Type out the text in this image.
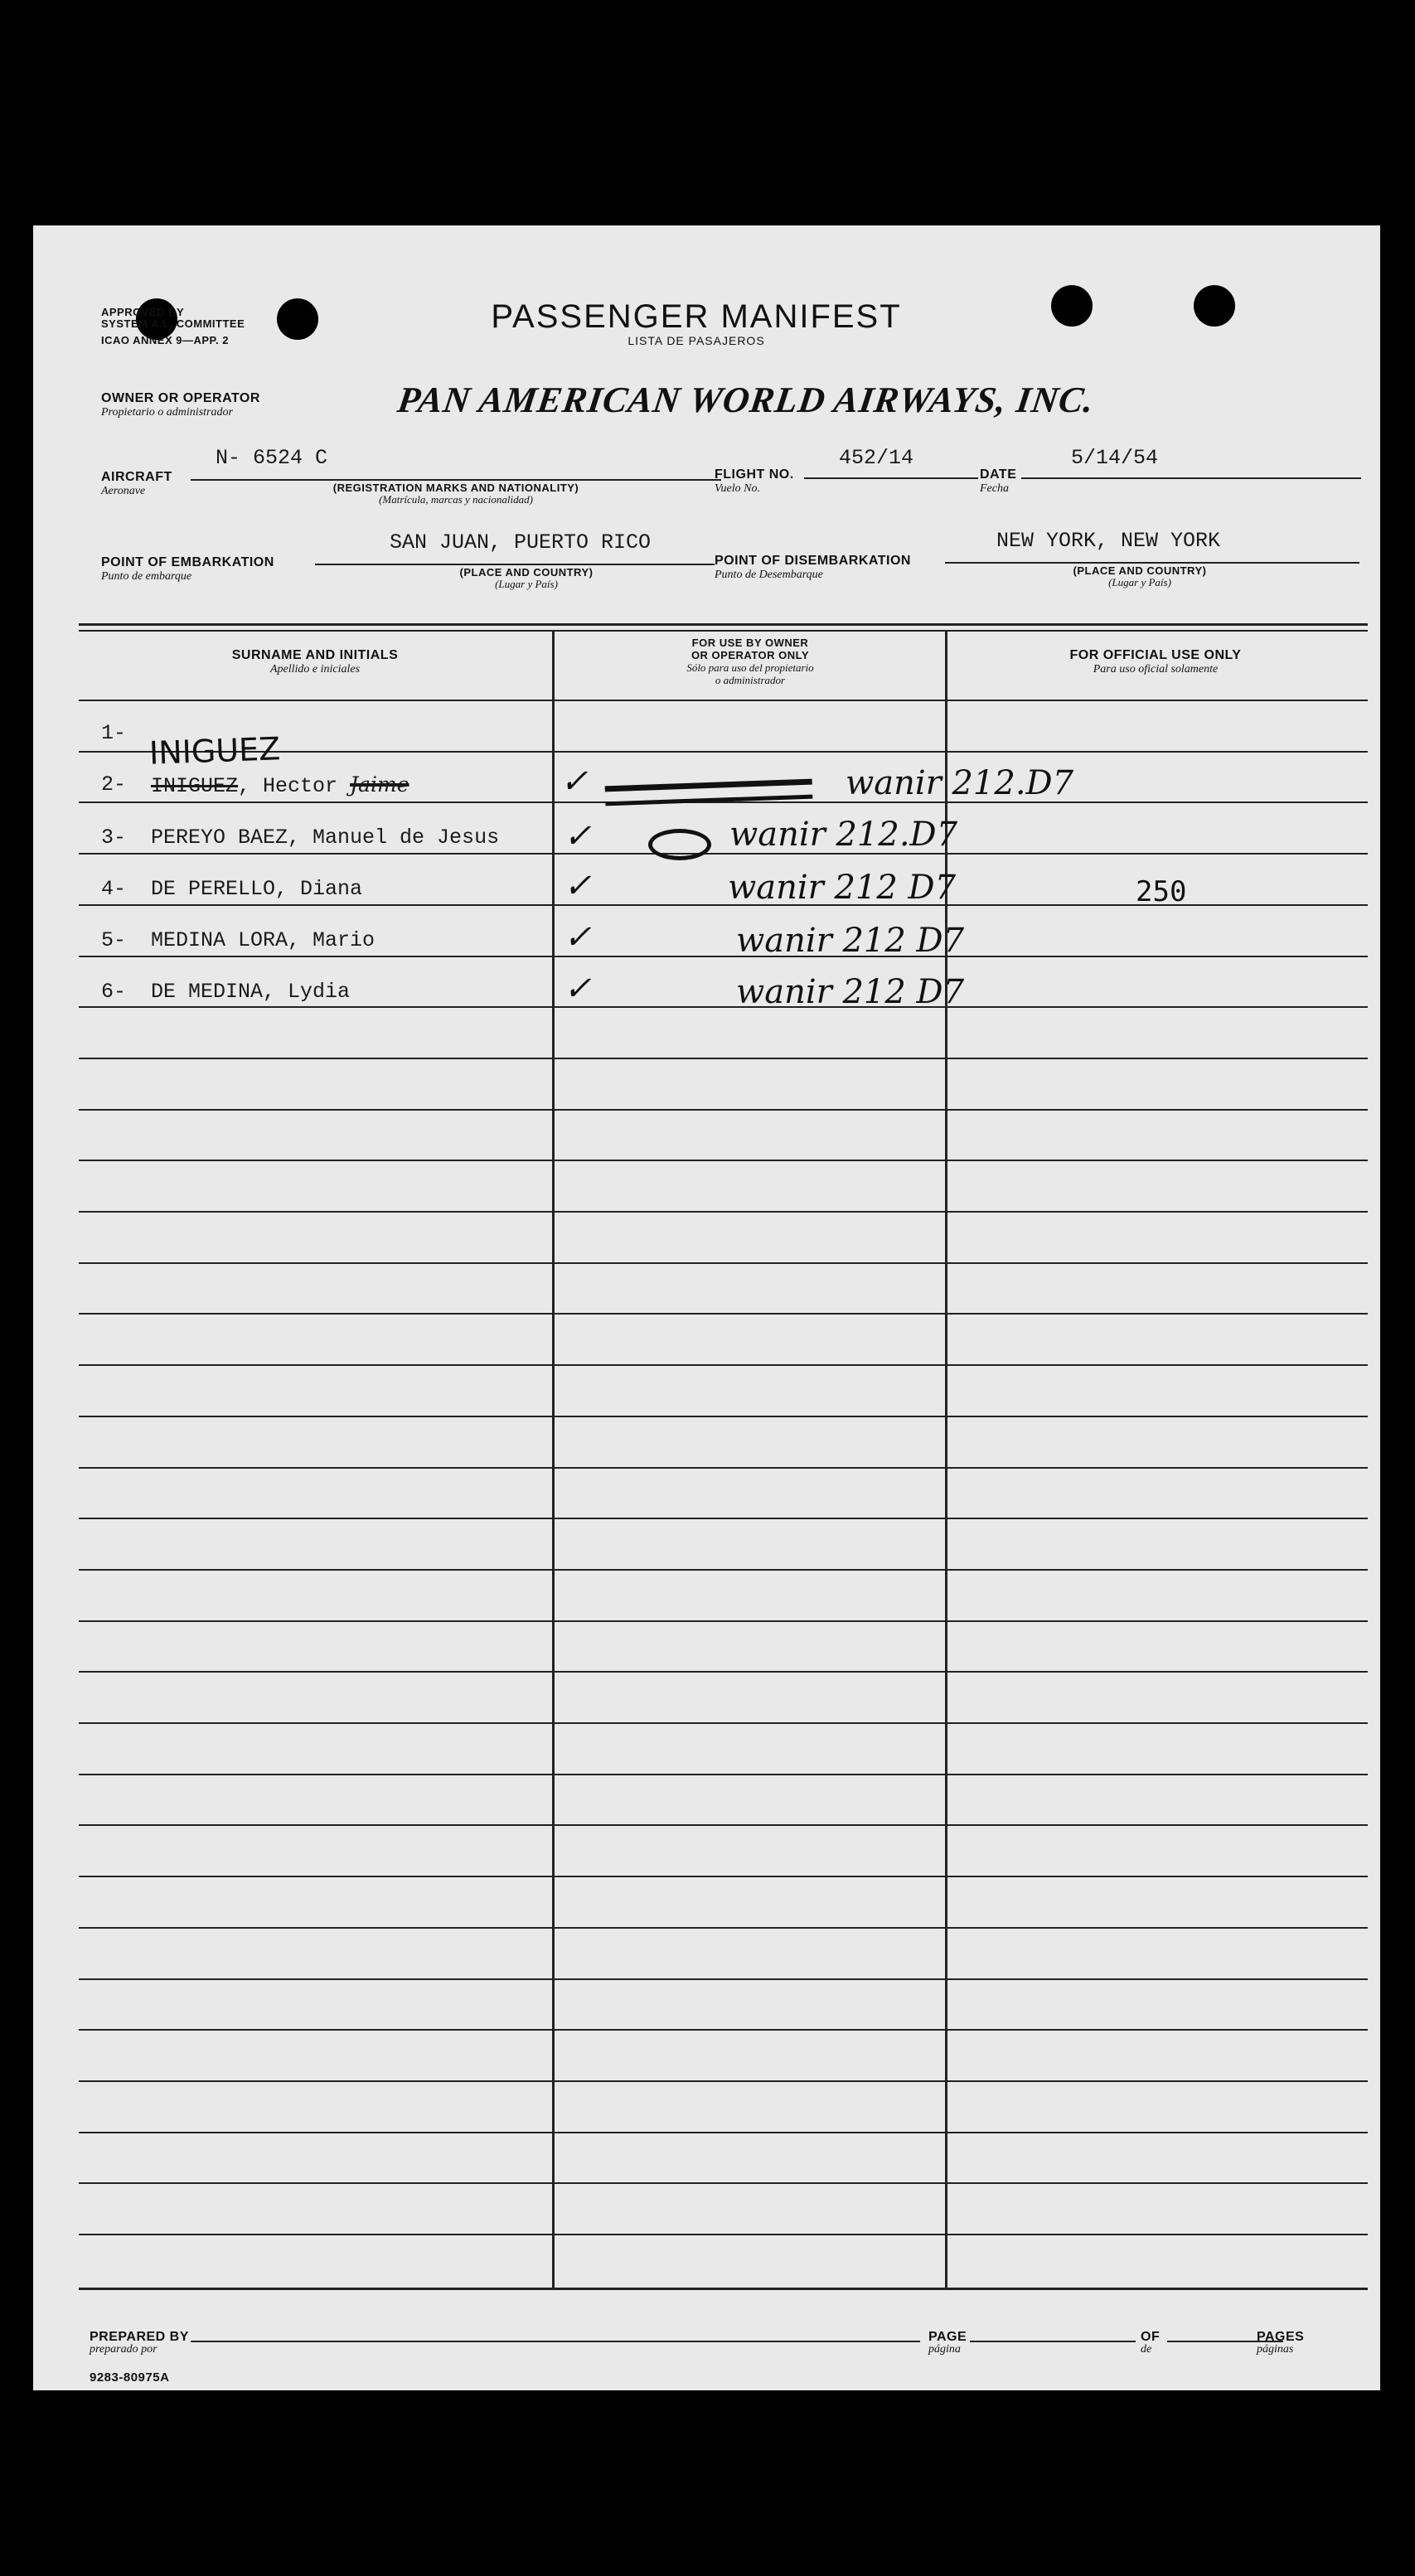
APPROVED BY
SYSTEM A.L. COMMITTEE
ICAO ANNEX 9—APP. 2
PASSENGER MANIFEST
LISTA DE PASAJEROS
OWNER OR OPERATOR
Propietario o administrador	PAN AMERICAN WORLD AIRWAYS, INC.
AIRCRAFT
Aeronave
N- 6524 C
(REGISTRATION MARKS AND NATIONALITY)
(Matrícula, marcas y nacionalidad)
FLIGHT NO.
Vuelo No.
452/14
DATE
Fecha
5/14/54
POINT OF EMBARKATION
Punto de embarque
SAN JUAN, PUERTO RICO
(PLACE AND COUNTRY)
(Lugar y País)
POINT OF DISEMBARKATION
Punto de Desembarque
NEW YORK, NEW YORK
(PLACE AND COUNTRY)
(Lugar y País)
SURNAME AND INITIALS
Apellido e iniciales
FOR USE BY OWNER
OR OPERATOR ONLY
Sólo para uso del propietario
o administrador
FOR OFFICIAL USE ONLY
Para uso oficial solamente
1- INIGUEZ
2- INIGUEZ, Hector Jaime	✓	wanir 212.D7
3- PEREYO BAEZ, Manuel de Jesus ✓	wanir 212.D7
4- DE PERELLO, Diana	✓	wanir 212 D7	250
5- MEDINA LORA, Mario	✓	wanir 212 D7
6- DE MEDINA, Lydia	✓	wanir 212 D7
PREPARED BY
preparado por
PAGE
página
OF
de
PAGES
páginas
9283-80975A
